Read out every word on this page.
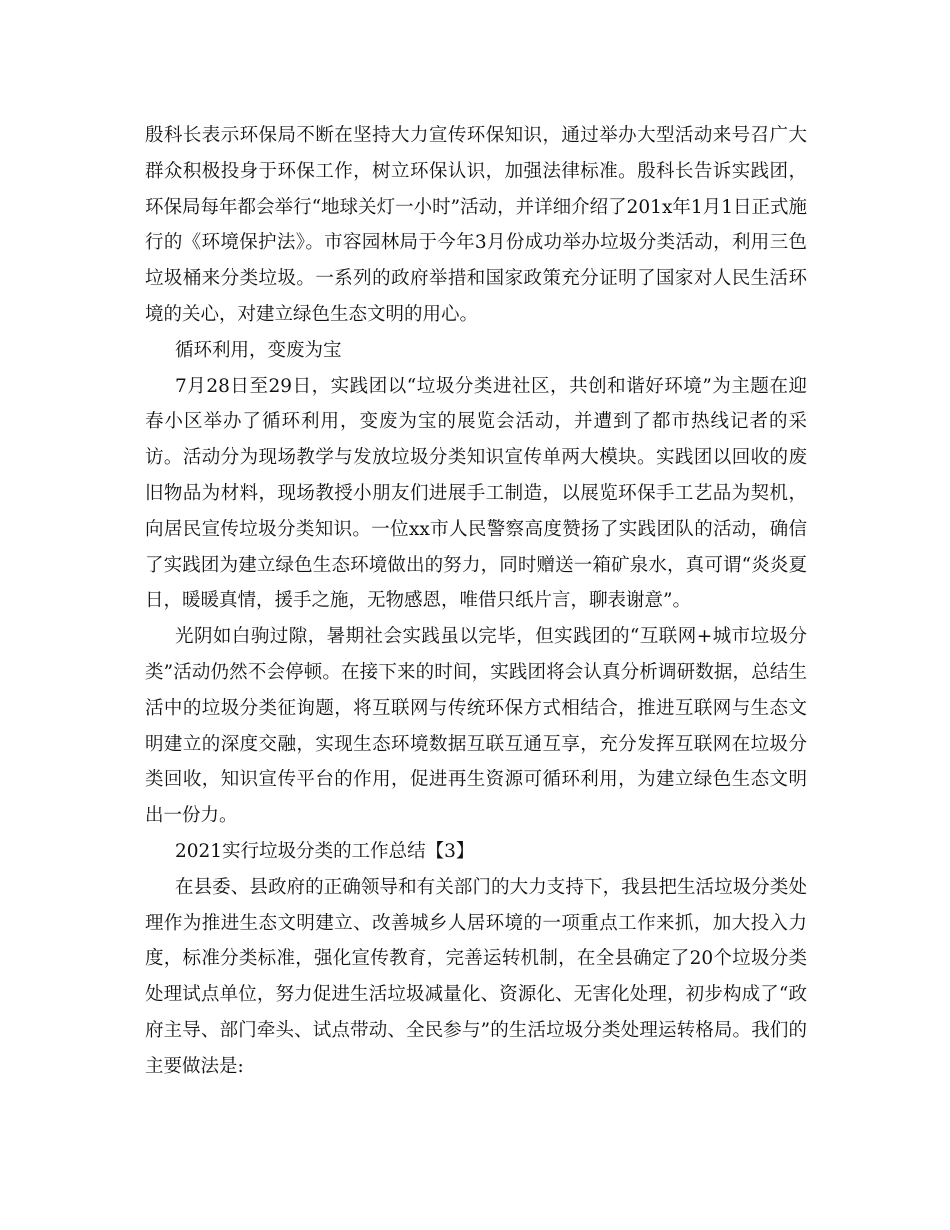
殷科长表示环保局不断在坚持大力宣传环保知识，通过举办大型活动来号召广大群众积极投身于环保工作，树立环保认识，加强法律标准。殷科长告诉实践团，环保局每年都会举行“地球关灯一小时”活动，并详细介绍了201x年1月1日正式施行的《环境保护法》。市容园林局于今年3月份成功举办垃圾分类活动，利用三色垃圾桶来分类垃圾。一系列的政府举措和国家政策充分证明了国家对人民生活环境的关心，对建立绿色生态文明的用心。

循环利用，变废为宝

7月28日至29日，实践团以“垃圾分类进社区，共创和谐好环境”为主题在迎春小区举办了循环利用，变废为宝的展览会活动，并遭到了都市热线记者的采访。活动分为现场教学与发放垃圾分类知识宣传单两大模块。实践团以回收的废旧物品为材料，现场教授小朋友们进展手工制造，以展览环保手工艺品为契机，向居民宣传垃圾分类知识。一位xx市人民警察高度赞扬了实践团队的活动，确信了实践团为建立绿色生态环境做出的努力，同时赠送一箱矿泉水，真可谓“炎炎夏日，暖暖真情，援手之施，无物感恩，唯借只纸片言，聊表谢意”。

光阴如白驹过隙，暑期社会实践虽以完毕，但实践团的“互联网+城市垃圾分类”活动仍然不会停顿。在接下来的时间，实践团将会认真分析调研数据，总结生活中的垃圾分类征询题，将互联网与传统环保方式相结合，推进互联网与生态文明建立的深度交融，实现生态环境数据互联互通互享，充分发挥互联网在垃圾分类回收，知识宣传平台的作用，促进再生资源可循环利用，为建立绿色生态文明出一份力。

2021实行垃圾分类的工作总结【3】

在县委、县政府的正确领导和有关部门的大力支持下，我县把生活垃圾分类处理作为推进生态文明建立、改善城乡人居环境的一项重点工作来抓，加大投入力度，标准分类标准，强化宣传教育，完善运转机制，在全县确定了20个垃圾分类处理试点单位，努力促进生活垃圾减量化、资源化、无害化处理，初步构成了“政府主导、部门牵头、试点带动、全民参与”的生活垃圾分类处理运转格局。我们的主要做法是:
